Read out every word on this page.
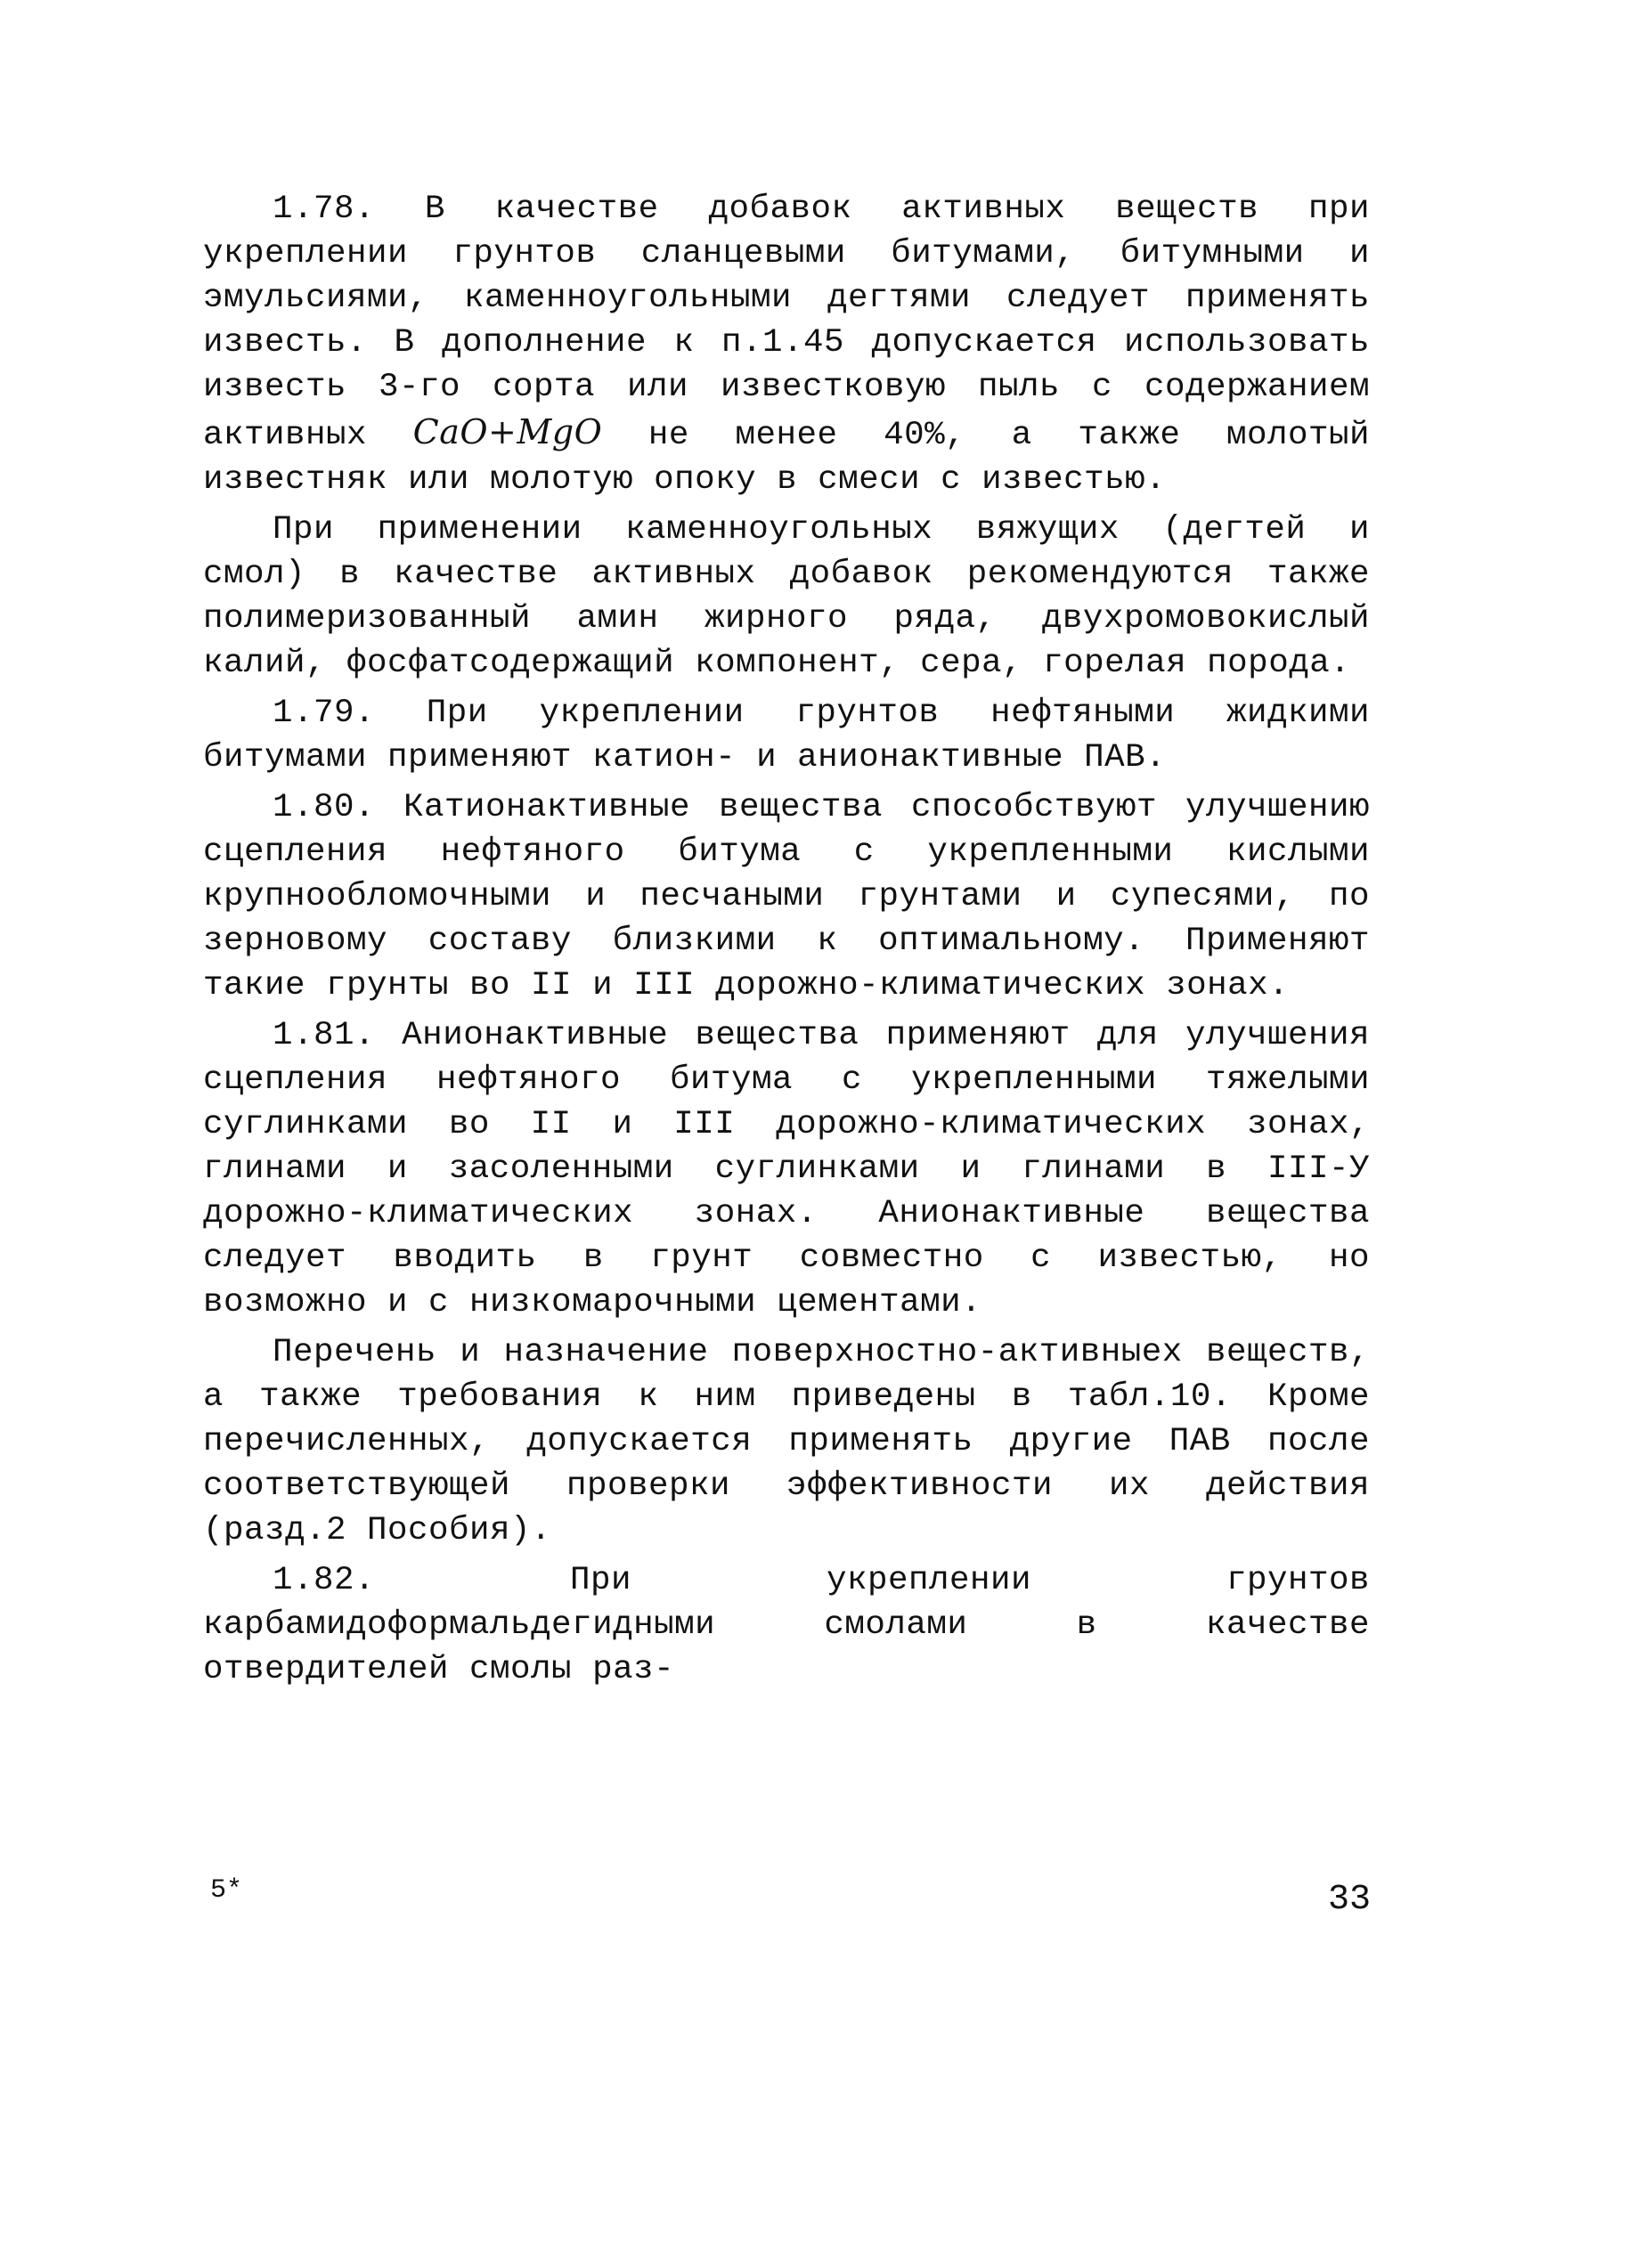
1.78. В качестве добавок активных веществ при укреплении грунтов сланцевыми битумами, битумными и эмульсиями, каменноугольными дегтями следует применять известь. В дополнение к п.1.45 допускается использовать известь 3-го сорта или известковую пыль с содержанием активных CaO+MgO не менее 40%, а также молотый известняк или молотую опоку в смеси с известью.

При применении каменноугольных вяжущих (дегтей и смол) в качестве активных добавок рекомендуются также полимеризованный амин жирного ряда, двухромовокислый калий, фосфатсодержащий компонент, сера, горелая порода.

1.79. При укреплении грунтов нефтяными жидкими битумами применяют катион- и анионактивные ПАВ.

1.80. Катионактивные вещества способствуют улучшению сцепления нефтяного битума с укрепленными кислыми крупнообломочными и песчаными грунтами и супесями, по зерновому составу близкими к оптимальному. Применяют такие грунты во II и III дорожно-климатических зонах.

1.81. Анионактивные вещества применяют для улучшения сцепления нефтяного битума с укрепленными тяжелыми суглинками во II и III дорожно-климатических зонах, глинами и засоленными суглинками и глинами в III-У дорожно-климатических зонах. Анионактивные вещества следует вводить в грунт совместно с известью, но возможно и с низкомарочными цементами.

Перечень и назначение поверхностно-активныех веществ, а также требования к ним приведены в табл.10. Кроме перечисленных, допускается применять другие ПАВ после соответствующей проверки эффективности их действия (разд.2 Пособия).

1.82. При укреплении грунтов карбамидоформальдегидными смолами в качестве отвердителей смолы раз-

5*	33
